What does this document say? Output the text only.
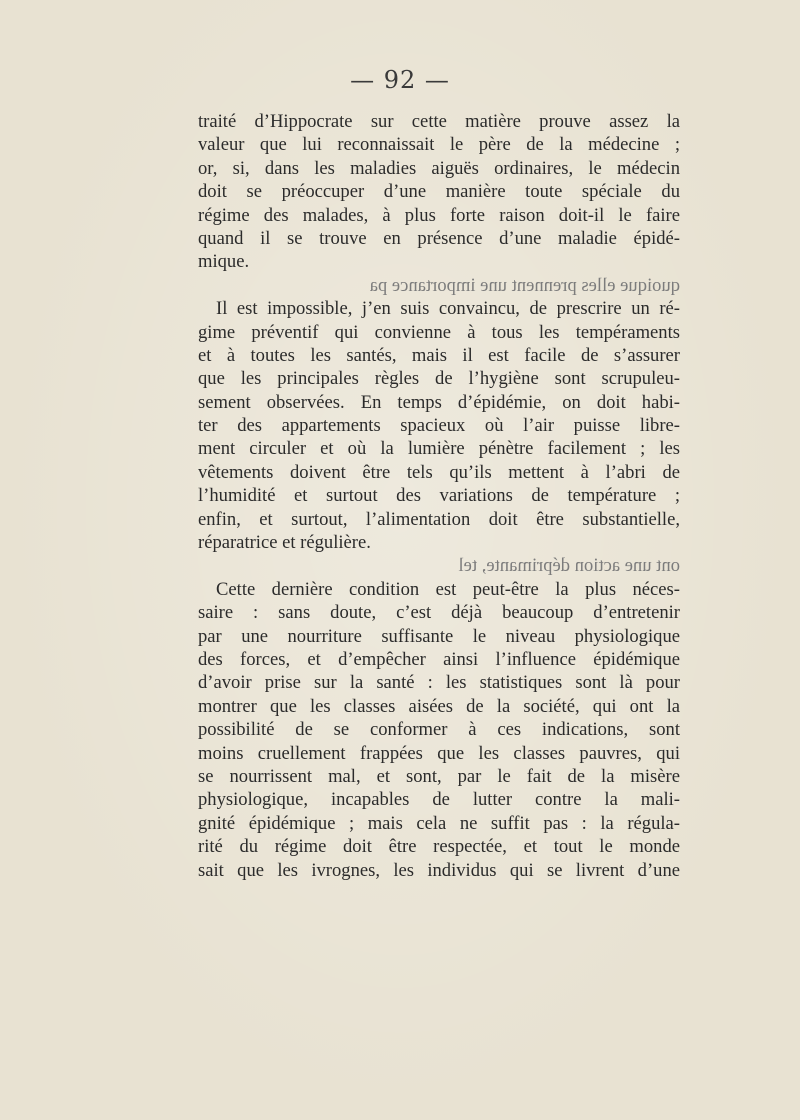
— 92 —
traité d’Hippocrate sur cette matière prouve assez la
valeur que lui reconnaissait le père de la médecine ;
or, si, dans les maladies aiguës ordinaires, le médecin
doit se préoccuper d’une manière toute spéciale du
régime des malades, à plus forte raison doit-il le faire
quand il se trouve en présence d’une maladie épidé-
mique.
quoique elles prennent une importance pa
Il est impossible, j’en suis convaincu, de prescrire un ré-
gime préventif qui convienne à tous les tempéraments
et à toutes les santés, mais il est facile de s’assurer
que les principales règles de l’hygiène sont scrupuleu-
sement observées. En temps d’épidémie, on doit habi-
ter des appartements spacieux où l’air puisse libre-
ment circuler et où la lumière pénètre facilement ; les
vêtements doivent être tels qu’ils mettent à l’abri de
l’humidité et surtout des variations de température ;
enfin, et surtout, l’alimentation doit être substantielle,
réparatrice et régulière.
ont une action déprimante, tel
Cette dernière condition est peut-être la plus néces-
saire : sans doute, c’est déjà beaucoup d’entretenir
par une nourriture suffisante le niveau physiologique
des forces, et d’empêcher ainsi l’influence épidémique
d’avoir prise sur la santé : les statistiques sont là pour
montrer que les classes aisées de la société, qui ont la
possibilité de se conformer à ces indications, sont
moins cruellement frappées que les classes pauvres, qui
se nourrissent mal, et sont, par le fait de la misère
physiologique, incapables de lutter contre la mali-
gnité épidémique ; mais cela ne suffit pas : la régula-
rité du régime doit être respectée, et tout le monde
sait que les ivrognes, les individus qui se livrent d’une
